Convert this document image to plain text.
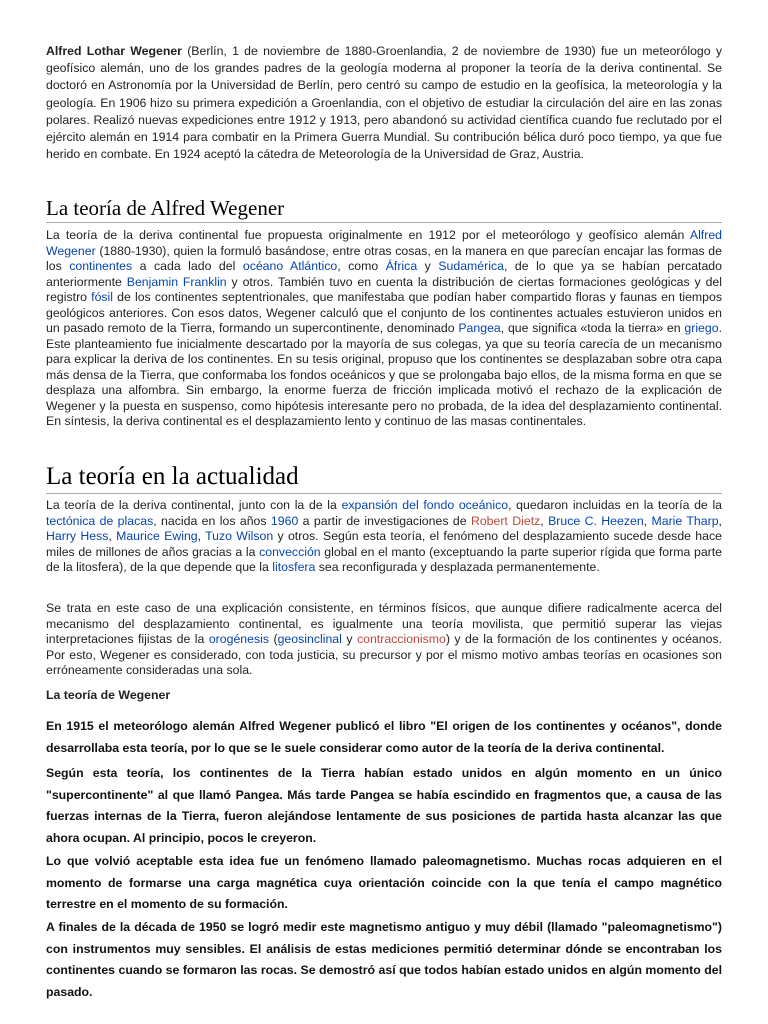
Alfred Lothar Wegener (Berlín, 1 de noviembre de 1880-Groenlandia, 2 de noviembre de 1930) fue un meteorólogo y geofísico alemán, uno de los grandes padres de la geología moderna al proponer la teoría de la deriva continental. Se doctoró en Astronomía por la Universidad de Berlín, pero centró su campo de estudio en la geofísica, la meteorología y la geología. En 1906 hizo su primera expedición a Groenlandia, con el objetivo de estudiar la circulación del aire en las zonas polares. Realizó nuevas expediciones entre 1912 y 1913, pero abandonó su actividad científica cuando fue reclutado por el ejército alemán en 1914 para combatir en la Primera Guerra Mundial. Su contribución bélica duró poco tiempo, ya que fue herido en combate. En 1924 aceptó la cátedra de Meteorología de la Universidad de Graz, Austria.

La teoría de Alfred Wegener

La teoría de la deriva continental fue propuesta originalmente en 1912 por el meteorólogo y geofísico alemán Alfred Wegener (1880-1930), quien la formuló basándose, entre otras cosas, en la manera en que parecían encajar las formas de los continentes a cada lado del océano Atlántico, como África y Sudamérica, de lo que ya se habían percatado anteriormente Benjamin Franklin y otros. También tuvo en cuenta la distribución de ciertas formaciones geológicas y del registro fósil de los continentes septentrionales, que manifestaba que podían haber compartido floras y faunas en tiempos geológicos anteriores. Con esos datos, Wegener calculó que el conjunto de los continentes actuales estuvieron unidos en un pasado remoto de la Tierra, formando un supercontinente, denominado Pangea, que significa «toda la tierra» en griego. Este planteamiento fue inicialmente descartado por la mayoría de sus colegas, ya que su teoría carecía de un mecanismo para explicar la deriva de los continentes. En su tesis original, propuso que los continentes se desplazaban sobre otra capa más densa de la Tierra, que conformaba los fondos oceánicos y que se prolongaba bajo ellos, de la misma forma en que se desplaza una alfombra. Sin embargo, la enorme fuerza de fricción implicada motivó el rechazo de la explicación de Wegener y la puesta en suspenso, como hipótesis interesante pero no probada, de la idea del desplazamiento continental. En síntesis, la deriva continental es el desplazamiento lento y continuo de las masas continentales.

La teoría en la actualidad

La teoría de la deriva continental, junto con la de la expansión del fondo oceánico, quedaron incluidas en la teoría de la tectónica de placas, nacida en los años 1960 a partir de investigaciones de Robert Dietz, Bruce C. Heezen, Marie Tharp, Harry Hess, Maurice Ewing, Tuzo Wilson y otros. Según esta teoría, el fenómeno del desplazamiento sucede desde hace miles de millones de años gracias a la convección global en el manto (exceptuando la parte superior rígida que forma parte de la litosfera), de la que depende que la litosfera sea reconfigurada y desplazada permanentemente.

Se trata en este caso de una explicación consistente, en términos físicos, que aunque difiere radicalmente acerca del mecanismo del desplazamiento continental, es igualmente una teoría movilista, que permitió superar las viejas interpretaciones fijistas de la orogénesis (geosinclinal y contraccionismo) y de la formación de los continentes y océanos. Por esto, Wegener es considerado, con toda justicia, su precursor y por el mismo motivo ambas teorías en ocasiones son erróneamente consideradas una sola.

La teoría de Wegener

En 1915 el meteorólogo alemán Alfred Wegener publicó el libro "El origen de los continentes y océanos", donde desarrollaba esta teoría, por lo que se le suele considerar como autor de la teoría de la deriva continental.

Según esta teoría, los continentes de la Tierra habían estado unidos en algún momento en un único "supercontinente" al que llamó Pangea. Más tarde Pangea se había escindido en fragmentos que, a causa de las fuerzas internas de la Tierra, fueron alejándose lentamente de sus posiciones de partida hasta alcanzar las que ahora ocupan. Al principio, pocos le creyeron.

Lo que volvió aceptable esta idea fue un fenómeno llamado paleomagnetismo. Muchas rocas adquieren en el momento de formarse una carga magnética cuya orientación coincide con la que tenía el campo magnético terrestre en el momento de su formación.

A finales de la década de 1950 se logró medir este magnetismo antiguo y muy débil (llamado "paleomagnetismo") con instrumentos muy sensibles. El análisis de estas mediciones permitió determinar dónde se encontraban los continentes cuando se formaron las rocas. Se demostró así que todos habían estado unidos en algún momento del pasado.
